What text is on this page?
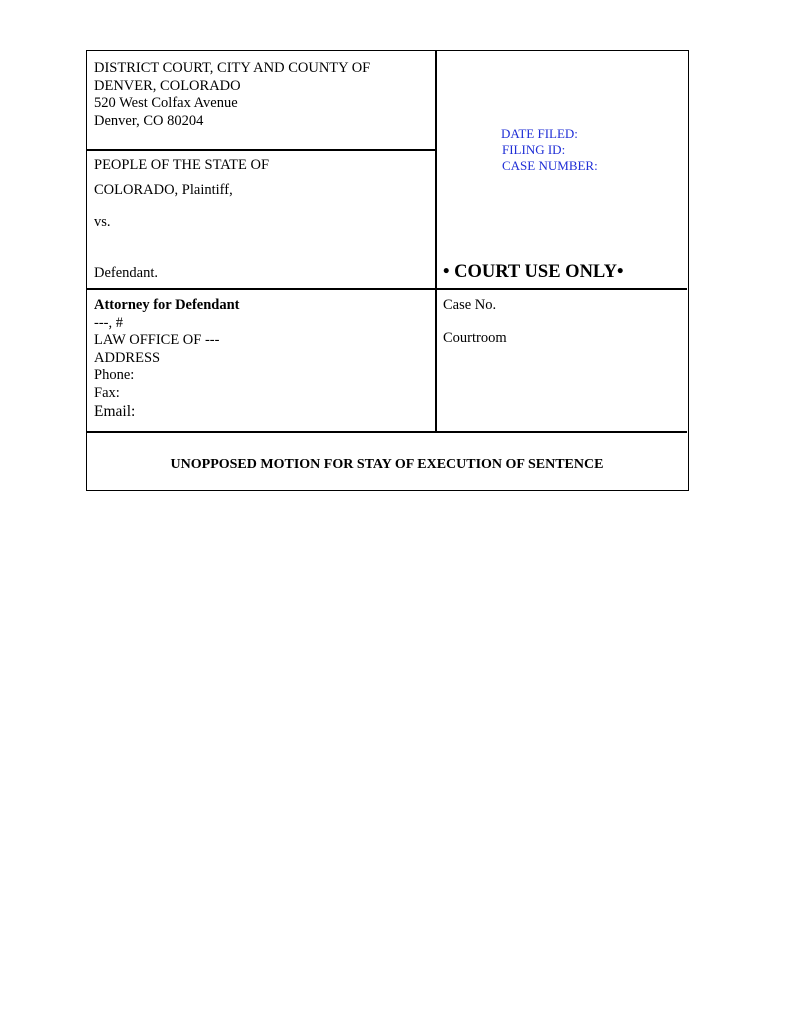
DISTRICT COURT, CITY AND COUNTY OF
DENVER, COLORADO
520 West Colfax Avenue
Denver, CO 80204
DATE FILED:
FILING ID:
CASE NUMBER:

PEOPLE OF THE STATE OF

COLORADO, Plaintiff,

vs.

Defendant.	• COURT USE ONLY•
Attorney for Defendant
---, #
LAW OFFICE OF ---
ADDRESS
Phone:
Fax:
Email:
Case No.
Courtroom
UNOPPOSED MOTION FOR STAY OF EXECUTION OF SENTENCE
